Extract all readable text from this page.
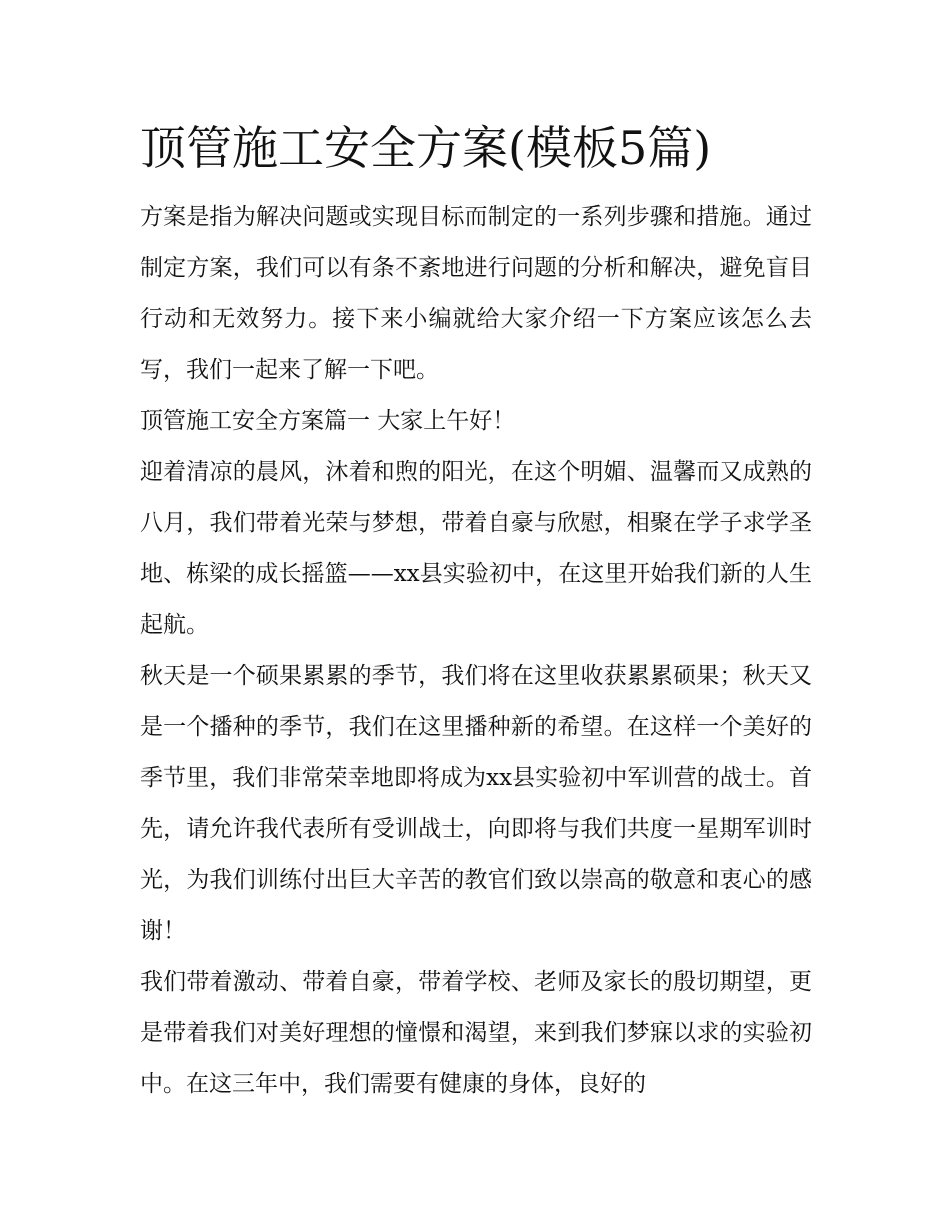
顶管施工安全方案(模板5篇)

方案是指为解决问题或实现目标而制定的一系列步骤和措施。通过制定方案，我们可以有条不紊地进行问题的分析和解决，避免盲目行动和无效努力。接下来小编就给大家介绍一下方案应该怎么去写，我们一起来了解一下吧。

顶管施工安全方案篇一 大家上午好！

迎着清凉的晨风，沐着和煦的阳光，在这个明媚、温馨而又成熟的八月，我们带着光荣与梦想，带着自豪与欣慰，相聚在学子求学圣地、栋梁的成长摇篮——xx县实验初中，在这里开始我们新的人生起航。

秋天是一个硕果累累的季节，我们将在这里收获累累硕果；秋天又是一个播种的季节，我们在这里播种新的希望。在这样一个美好的季节里，我们非常荣幸地即将成为xx县实验初中军训营的战士。首先，请允许我代表所有受训战士，向即将与我们共度一星期军训时光，为我们训练付出巨大辛苦的教官们致以崇高的敬意和衷心的感谢！

我们带着激动、带着自豪，带着学校、老师及家长的殷切期望，更是带着我们对美好理想的憧憬和渴望，来到我们梦寐以求的实验初中。在这三年中，我们需要有健康的身体，良好的
